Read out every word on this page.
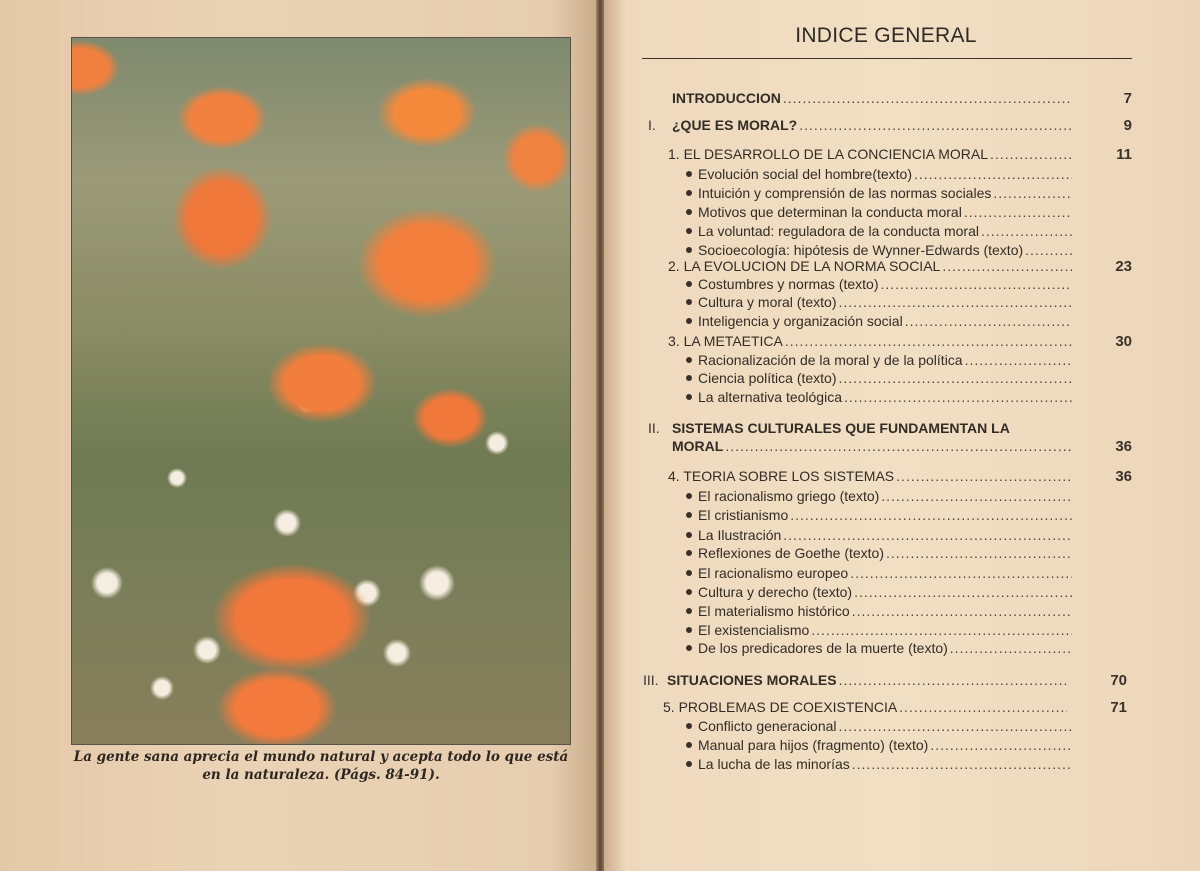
La gente sana aprecia el mundo natural y acepta todo lo que está en la naturaleza. (Págs. 84-91).
INDICE GENERAL
INTRODUCCION .....	7
I. ¿QUE ES MORAL? .....	9
1. EL DESARROLLO DE LA CONCIENCIA MORAL .....	11
Evolución social del hombre(texto)
.....
Intuición y comprensión de las normas sociales
.....
Motivos que determinan la conducta moral
.....
La voluntad: reguladora de la conducta moral
.....
Socioecología: hipótesis de Wynner-Edwards (texto)
.....
2. LA EVOLUCION DE LA NORMA SOCIAL .....	23
Costumbres y normas (texto)
.....
Cultura y moral (texto)
.....
Inteligencia y organización social
.....
3. LA METAETICA .....	30
Racionalización de la moral y de la política
.....
Ciencia política (texto)
.....
La alternativa teológica
.....
II. SISTEMAS CULTURALES QUE FUNDAMENTAN LA
MORAL .....	36
4. TEORIA SOBRE LOS SISTEMAS .....	36
El racionalismo griego (texto)
.....
El cristianismo
.....
La Ilustración
.....
Reflexiones de Goethe (texto)
.....
El racionalismo europeo
.....
Cultura y derecho (texto)
.....
El materialismo histórico
.....
El existencialismo
.....
De los predicadores de la muerte (texto)
.....
III. SITUACIONES MORALES .....	70
5. PROBLEMAS DE COEXISTENCIA .....	71
Conflicto generacional
.....
Manual para hijos (fragmento) (texto)
.....
La lucha de las minorías
.....
